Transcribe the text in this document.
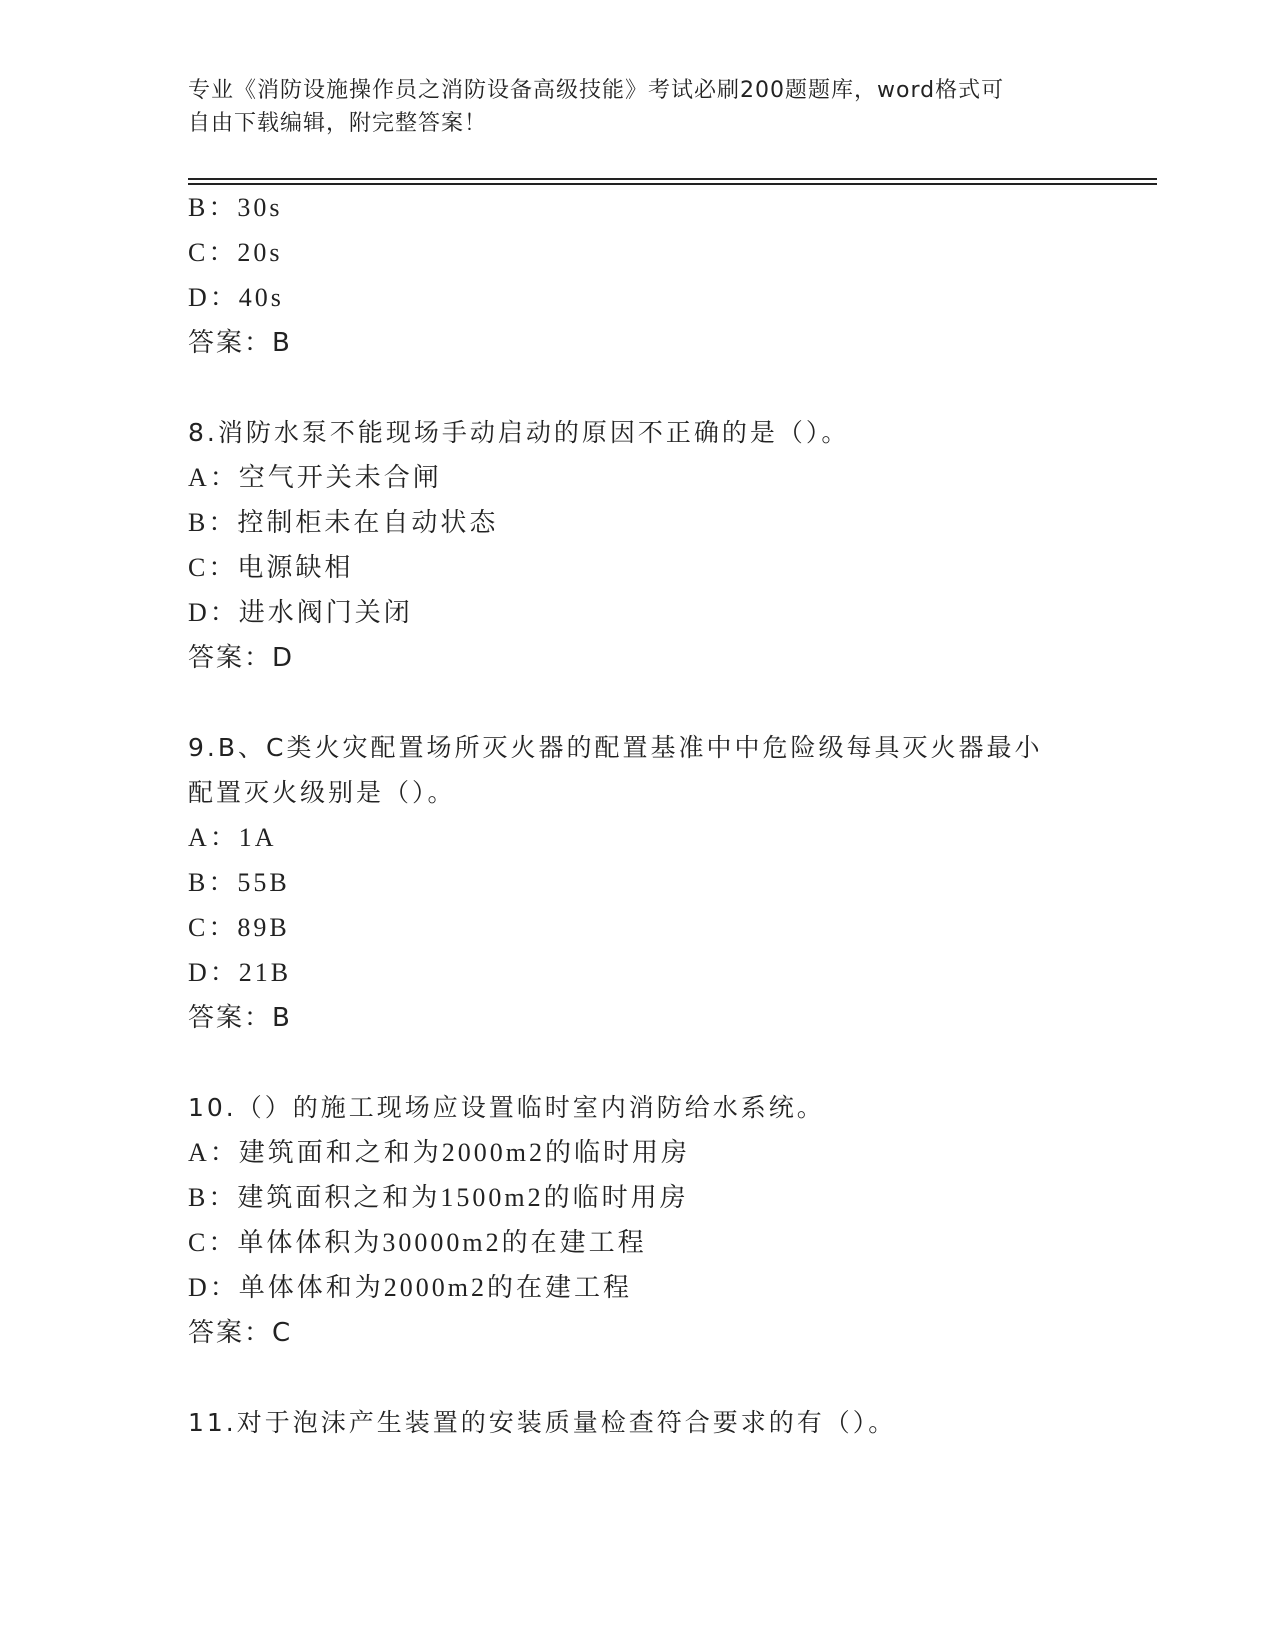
专业《消防设施操作员之消防设备高级技能》考试必刷200题题库，word格式可
自由下载编辑，附完整答案！
B：30s
C：20s
D：40s
答案：B
8.消防水泵不能现场手动启动的原因不正确的是（）。
A：空气开关未合闸
B：控制柜未在自动状态
C：电源缺相
D：进水阀门关闭
答案：D
9.B、C类火灾配置场所灭火器的配置基准中中危险级每具灭火器最小
配置灭火级别是（）。
A：1A
B：55B
C：89B
D：21B
答案：B
10.（）的施工现场应设置临时室内消防给水系统。
A：建筑面和之和为2000m2的临时用房
B：建筑面积之和为1500m2的临时用房
C：单体体积为30000m2的在建工程
D：单体体和为2000m2的在建工程
答案：C
11.对于泡沫产生装置的安装质量检查符合要求的有（）。
